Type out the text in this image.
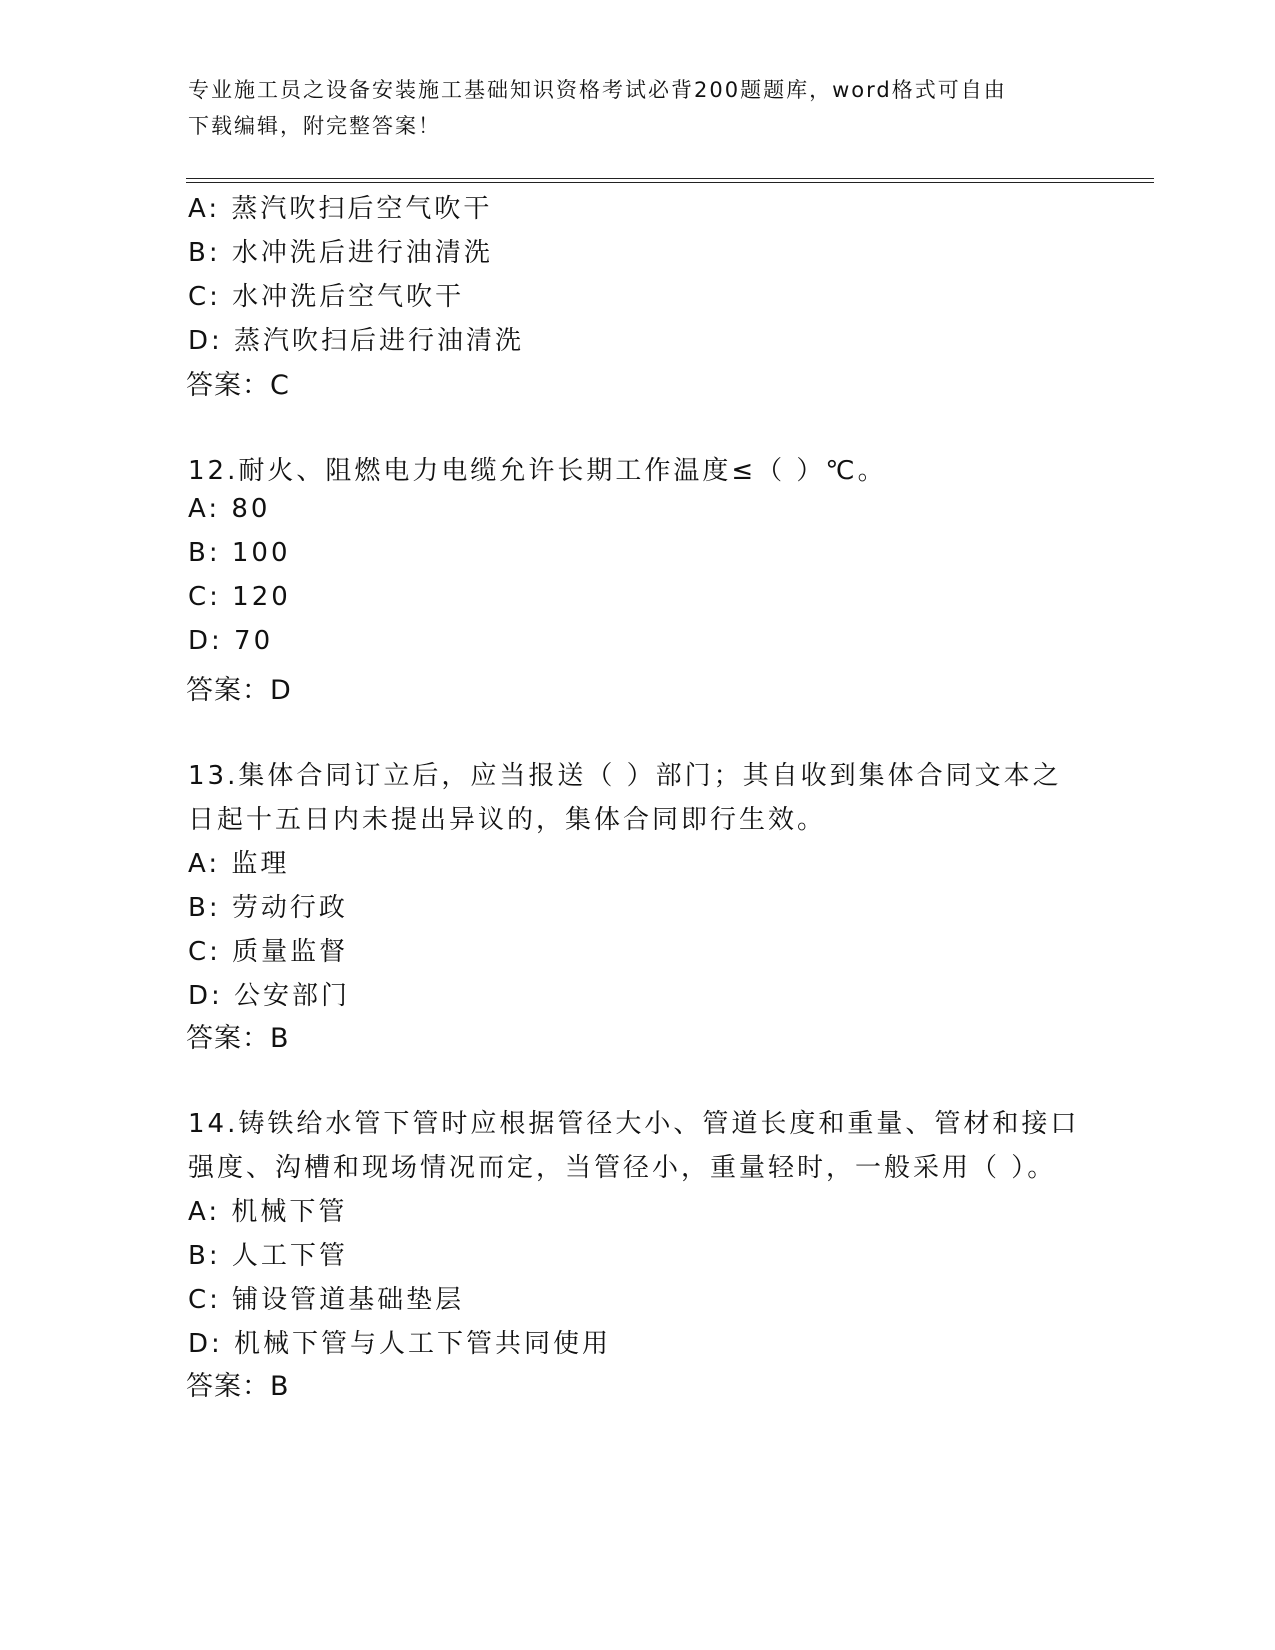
专业施工员之设备安装施工基础知识资格考试必背200题题库，word格式可自由
下载编辑，附完整答案！
A: 蒸汽吹扫后空气吹干
B: 水冲洗后进行油清洗
C: 水冲洗后空气吹干
D: 蒸汽吹扫后进行油清洗
答案：C
12.耐火、阻燃电力电缆允许长期工作温度≤（ ）℃。
A: 80
B: 100
C: 120
D: 70
答案：D
13.集体合同订立后，应当报送（ ）部门；其自收到集体合同文本之
日起十五日内未提出异议的，集体合同即行生效。
A: 监理
B: 劳动行政
C: 质量监督
D: 公安部门
答案：B
14.铸铁给水管下管时应根据管径大小、管道长度和重量、管材和接口
强度、沟槽和现场情况而定，当管径小，重量轻时，一般采用（ ）。
A: 机械下管
B: 人工下管
C: 铺设管道基础垫层
D: 机械下管与人工下管共同使用
答案：B
